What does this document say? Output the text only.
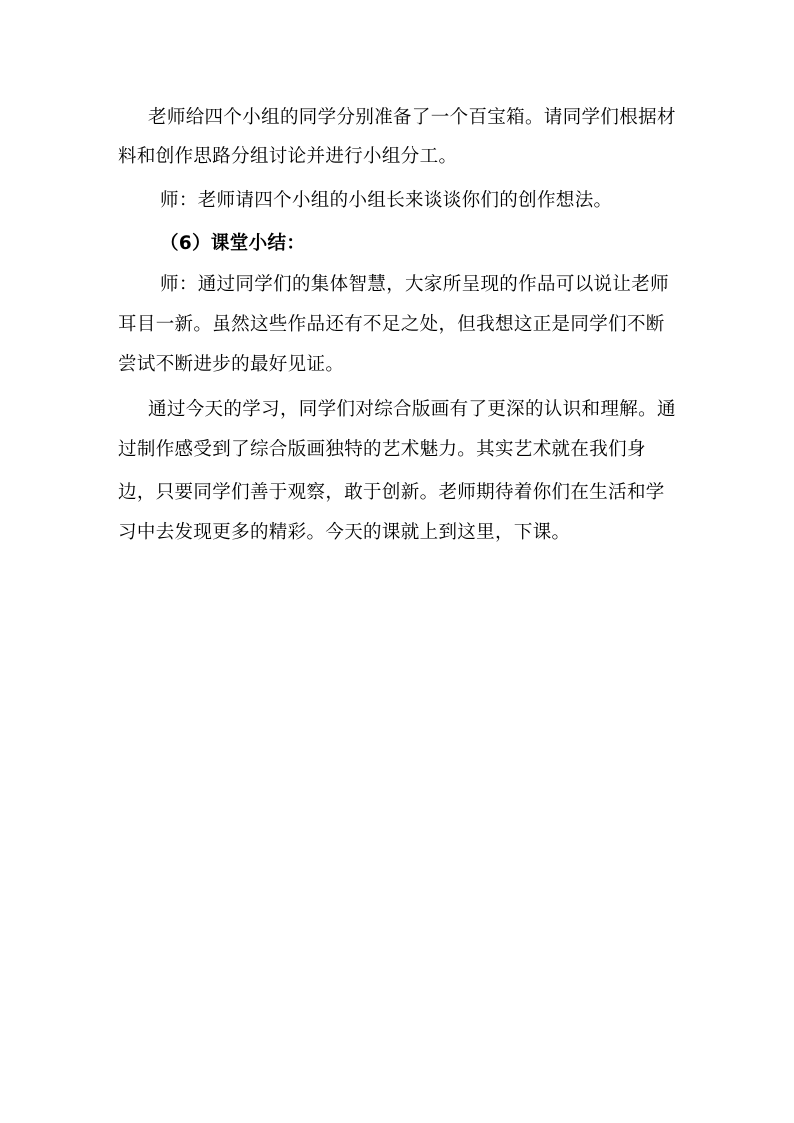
老师给四个小组的同学分别准备了一个百宝箱。请同学们根据材
料和创作思路分组讨论并进行小组分工。
师：老师请四个小组的小组长来谈谈你们的创作想法。
（6）课堂小结：
师：通过同学们的集体智慧，大家所呈现的作品可以说让老师
耳目一新。虽然这些作品还有不足之处，但我想这正是同学们不断
尝试不断进步的最好见证。
通过今天的学习，同学们对综合版画有了更深的认识和理解。通
过制作感受到了综合版画独特的艺术魅力。其实艺术就在我们身
边，只要同学们善于观察，敢于创新。老师期待着你们在生活和学
习中去发现更多的精彩。今天的课就上到这里，下课。
